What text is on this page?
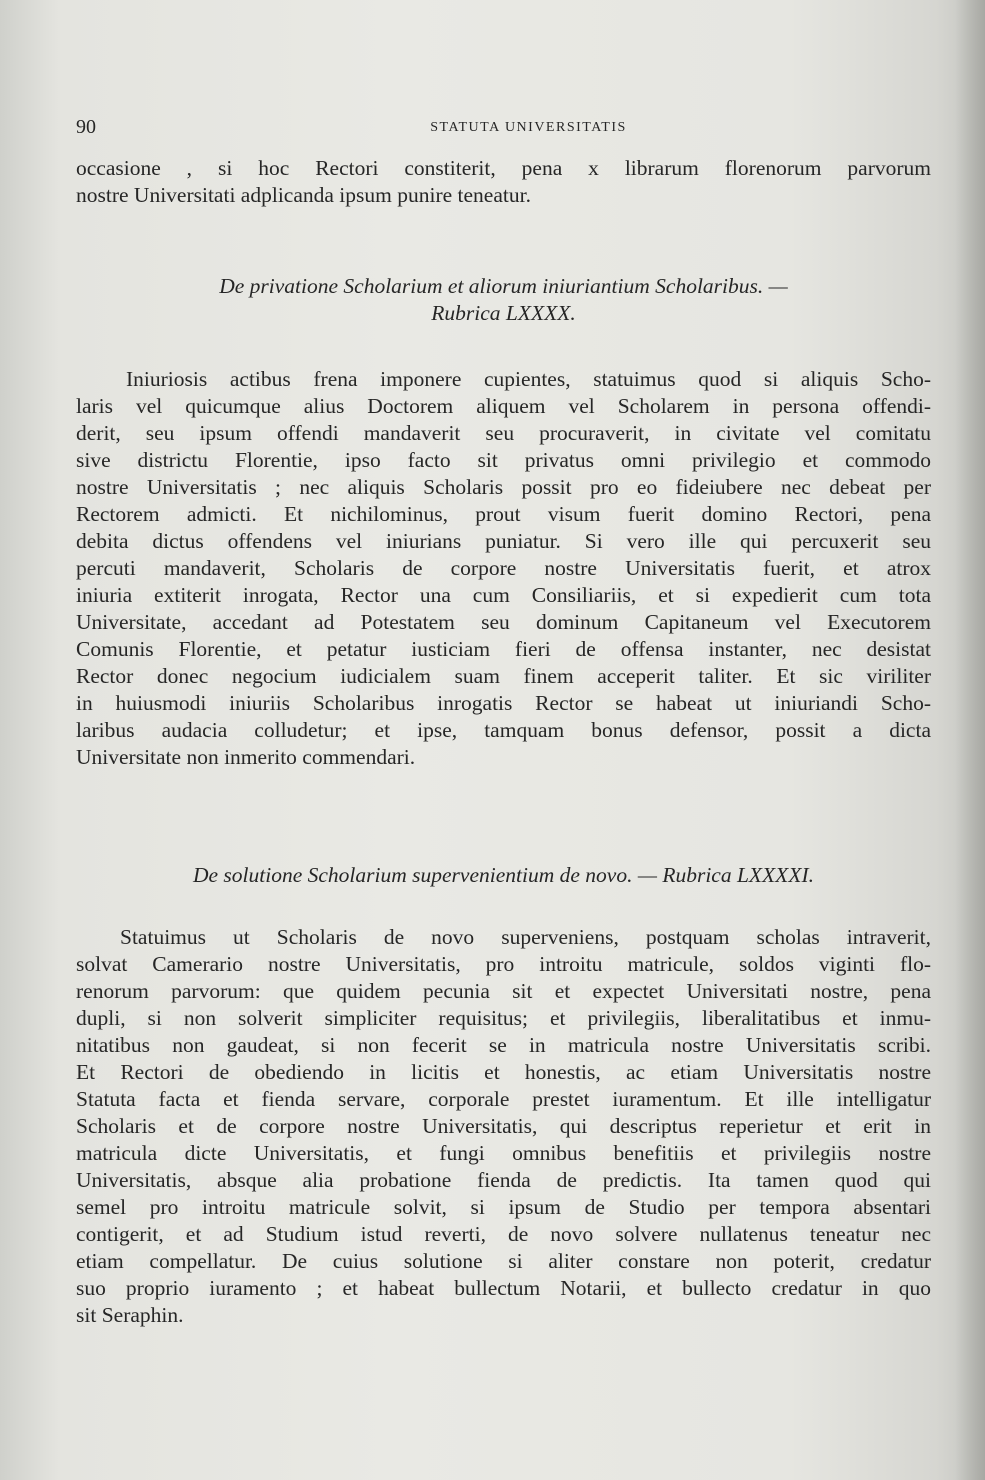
90	STATUTA UNIVERSITATIS
occasione , si hoc Rectori constiterit, pena x librarum florenorum parvorum
nostre Universitati adplicanda ipsum punire teneatur.
De privatione Scholarium et aliorum iniuriantium Scholaribus. —
Rubrica LXXXX.
Iniuriosis actibus frena imponere cupientes, statuimus quod si aliquis Scho-
laris vel quicumque alius Doctorem aliquem vel Scholarem in persona offendi-
derit, seu ipsum offendi mandaverit seu procuraverit, in civitate vel comitatu
sive districtu Florentie, ipso facto sit privatus omni privilegio et commodo
nostre Universitatis ; nec aliquis Scholaris possit pro eo fideiubere nec debeat per
Rectorem admicti. Et nichilominus, prout visum fuerit domino Rectori, pena
debita dictus offendens vel iniurians puniatur. Si vero ille qui percuxerit seu
percuti mandaverit, Scholaris de corpore nostre Universitatis fuerit, et atrox
iniuria extiterit inrogata, Rector una cum Consiliariis, et si expedierit cum tota
Universitate, accedant ad Potestatem seu dominum Capitaneum vel Executorem
Comunis Florentie, et petatur iusticiam fieri de offensa instanter, nec desistat
Rector donec negocium iudicialem suam finem acceperit taliter. Et sic viriliter
in huiusmodi iniuriis Scholaribus inrogatis Rector se habeat ut iniuriandi Scho-
laribus audacia colludetur; et ipse, tamquam bonus defensor, possit a dicta
Universitate non inmerito commendari.
De solutione Scholarium supervenientium de novo. — Rubrica LXXXXI.
Statuimus ut Scholaris de novo superveniens, postquam scholas intraverit,
solvat Camerario nostre Universitatis, pro introitu matricule, soldos viginti flo-
renorum parvorum: que quidem pecunia sit et expectet Universitati nostre, pena
dupli, si non solverit simpliciter requisitus; et privilegiis, liberalitatibus et inmu-
nitatibus non gaudeat, si non fecerit se in matricula nostre Universitatis scribi.
Et Rectori de obediendo in licitis et honestis, ac etiam Universitatis nostre
Statuta facta et fienda servare, corporale prestet iuramentum. Et ille intelligatur
Scholaris et de corpore nostre Universitatis, qui descriptus reperietur et erit in
matricula dicte Universitatis, et fungi omnibus benefitiis et privilegiis nostre
Universitatis, absque alia probatione fienda de predictis. Ita tamen quod qui
semel pro introitu matricule solvit, si ipsum de Studio per tempora absentari
contigerit, et ad Studium istud reverti, de novo solvere nullatenus teneatur nec
etiam compellatur. De cuius solutione si aliter constare non poterit, credatur
suo proprio iuramento ; et habeat bullectum Notarii, et bullecto credatur in quo
sit Seraphin.
